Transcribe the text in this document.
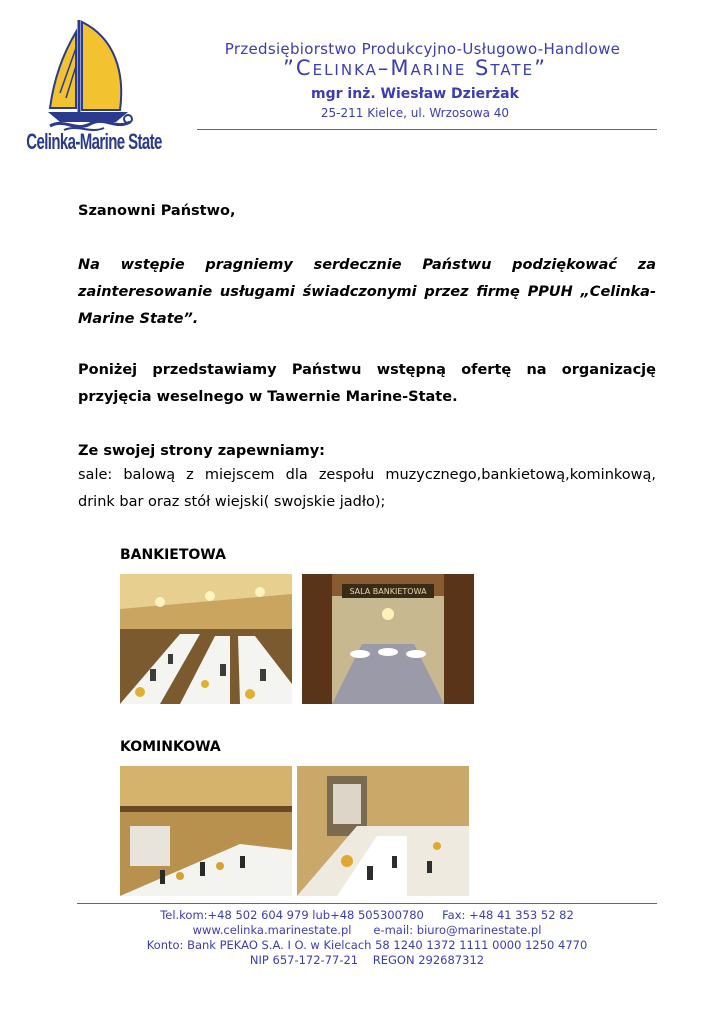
Celinka-Marine State
Przedsiębiorstwo Produkcyjno-Usługowo-Handlowe
”Celinka–Marine State”
mgr inż. Wiesław Dzierżak
25-211 Kielce, ul. Wrzosowa 40
Szanowni Państwo,
Na wstępie pragniemy serdecznie Państwu podziękować za zainteresowanie usługami świadczonymi przez firmę PPUH „Celinka-Marine State”.
Poniżej przedstawiamy Państwu wstępną ofertę na organizację przyjęcia weselnego w Tawernie Marine-State.
Ze swojej strony zapewniamy:
sale: balową z miejscem dla zespołu muzycznego,bankietową,kominkową, drink bar oraz stół wiejski( swojskie jadło);
BANKIETOWA
SALA BANKIETOWA
KOMINKOWA
Tel.kom:+48 502 604 979 lub+48 505300780     Fax: +48 41 353 52 82
www.celinka.marinestate.pl      e-mail: biuro@marinestate.pl
Konto: Bank PEKAO S.A. I O. w Kielcach 58 1240 1372 1111 0000 1250 4770
NIP 657-172-77-21    REGON 292687312
